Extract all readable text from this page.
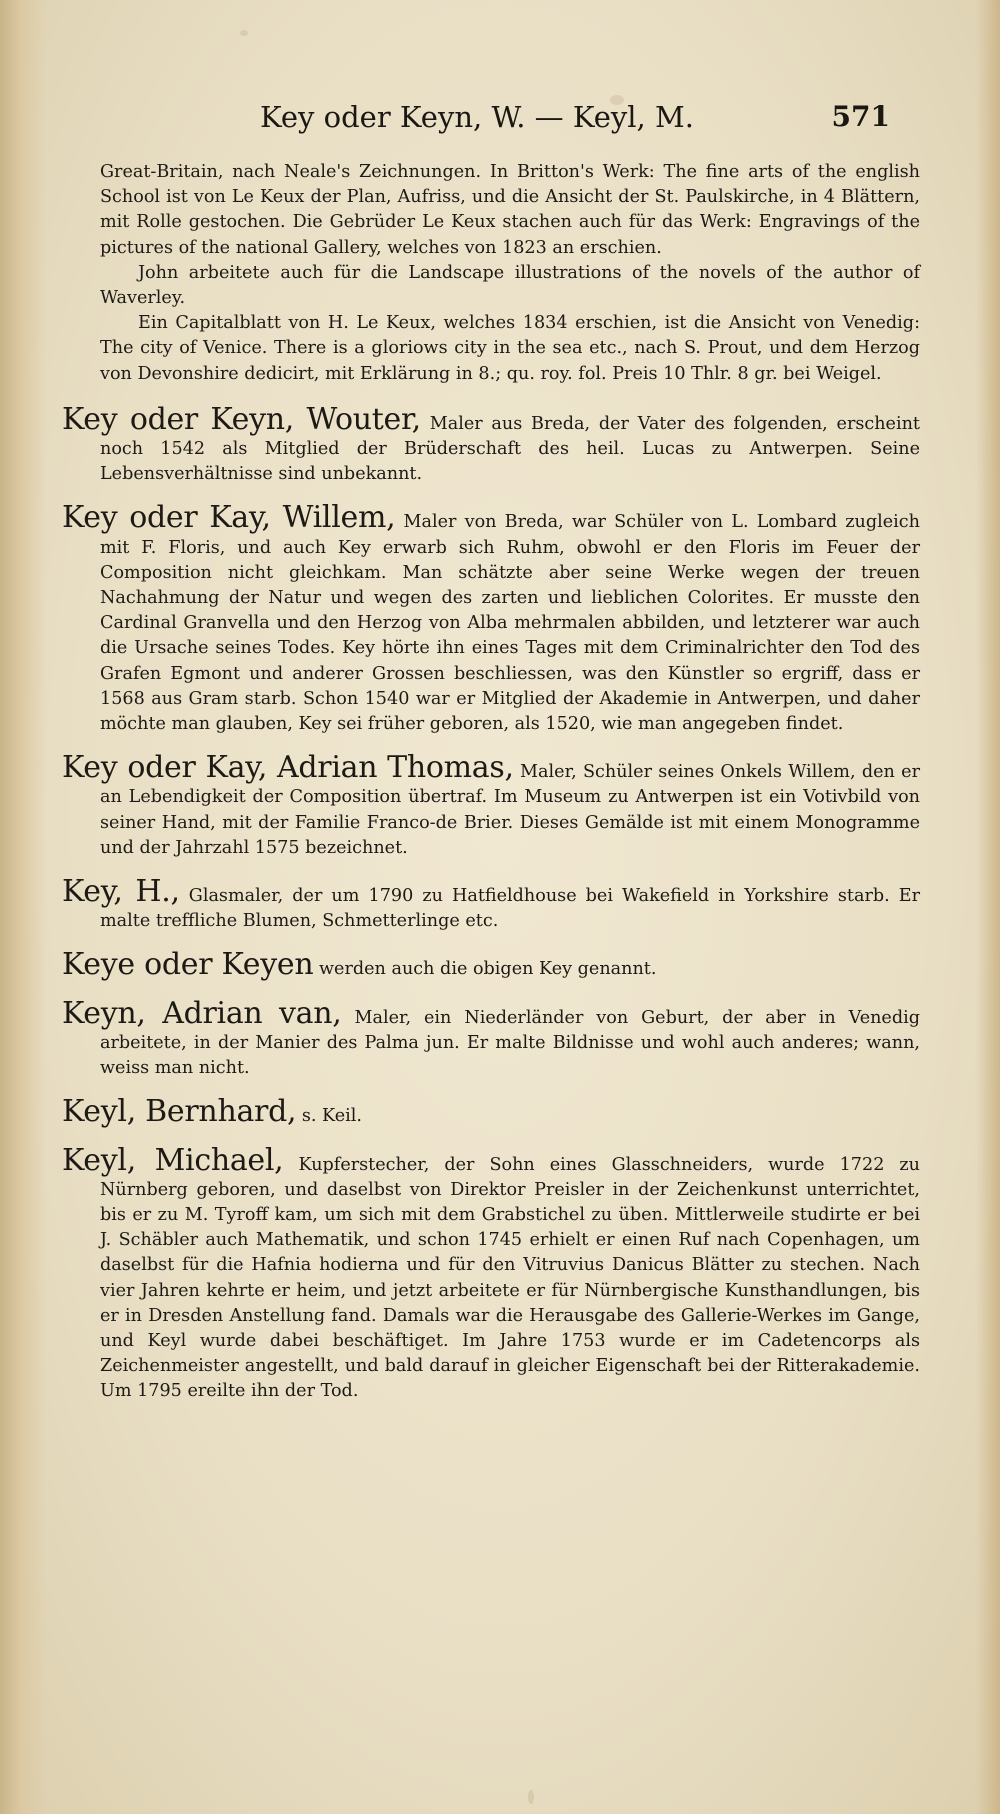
Key oder Keyn, W. — Keyl, M.	571

Great-Britain, nach Neale's Zeichnungen. In Britton's Werk: The fine arts of the english School ist von Le Keux der Plan, Aufriss, und die Ansicht der St. Paulskirche, in 4 Blättern, mit Rolle gestochen. Die Gebrüder Le Keux stachen auch für das Werk: Engravings of the pictures of the national Gallery, welches von 1823 an erschien.

John arbeitete auch für die Landscape illustrations of the novels of the author of Waverley.

Ein Capitalblatt von H. Le Keux, welches 1834 erschien, ist die Ansicht von Venedig: The city of Venice. There is a gloriows city in the sea etc., nach S. Prout, und dem Herzog von Devonshire dedicirt, mit Erklärung in 8.; qu. roy. fol. Preis 10 Thlr. 8 gr. bei Weigel.

Key oder Keyn, Wouter, Maler aus Breda, der Vater des folgenden, erscheint noch 1542 als Mitglied der Brüderschaft des heil. Lucas zu Antwerpen. Seine Lebensverhältnisse sind unbekannt.

Key oder Kay, Willem, Maler von Breda, war Schüler von L. Lombard zugleich mit F. Floris, und auch Key erwarb sich Ruhm, obwohl er den Floris im Feuer der Composition nicht gleichkam. Man schätzte aber seine Werke wegen der treuen Nachahmung der Natur und wegen des zarten und lieblichen Colorites. Er musste den Cardinal Granvella und den Herzog von Alba mehrmalen abbilden, und letzterer war auch die Ursache seines Todes. Key hörte ihn eines Tages mit dem Criminalrichter den Tod des Grafen Egmont und anderer Grossen beschliessen, was den Künstler so ergriff, dass er 1568 aus Gram starb. Schon 1540 war er Mitglied der Akademie in Antwerpen, und daher möchte man glauben, Key sei früher geboren, als 1520, wie man angegeben findet.

Key oder Kay, Adrian Thomas, Maler, Schüler seines Onkels Willem, den er an Lebendigkeit der Composition übertraf. Im Museum zu Antwerpen ist ein Votivbild von seiner Hand, mit der Familie Franco-de Brier. Dieses Gemälde ist mit einem Monogramme und der Jahrzahl 1575 bezeichnet.

Key, H., Glasmaler, der um 1790 zu Hatfieldhouse bei Wakefield in Yorkshire starb. Er malte treffliche Blumen, Schmetterlinge etc.

Keye oder Keyen werden auch die obigen Key genannt.

Keyn, Adrian van, Maler, ein Niederländer von Geburt, der aber in Venedig arbeitete, in der Manier des Palma jun. Er malte Bildnisse und wohl auch anderes; wann, weiss man nicht.

Keyl, Bernhard, s. Keil.

Keyl, Michael, Kupferstecher, der Sohn eines Glasschneiders, wurde 1722 zu Nürnberg geboren, und daselbst von Direktor Preisler in der Zeichenkunst unterrichtet, bis er zu M. Tyroff kam, um sich mit dem Grabstichel zu üben. Mittlerweile studirte er bei J. Schäbler auch Mathematik, und schon 1745 erhielt er einen Ruf nach Copenhagen, um daselbst für die Hafnia hodierna und für den Vitruvius Danicus Blätter zu stechen. Nach vier Jahren kehrte er heim, und jetzt arbeitete er für Nürnbergische Kunsthandlungen, bis er in Dresden Anstellung fand. Damals war die Herausgabe des Gallerie-Werkes im Gange, und Keyl wurde dabei beschäftiget. Im Jahre 1753 wurde er im Cadetencorps als Zeichenmeister angestellt, und bald darauf in gleicher Eigenschaft bei der Ritterakademie. Um 1795 ereilte ihn der Tod.
